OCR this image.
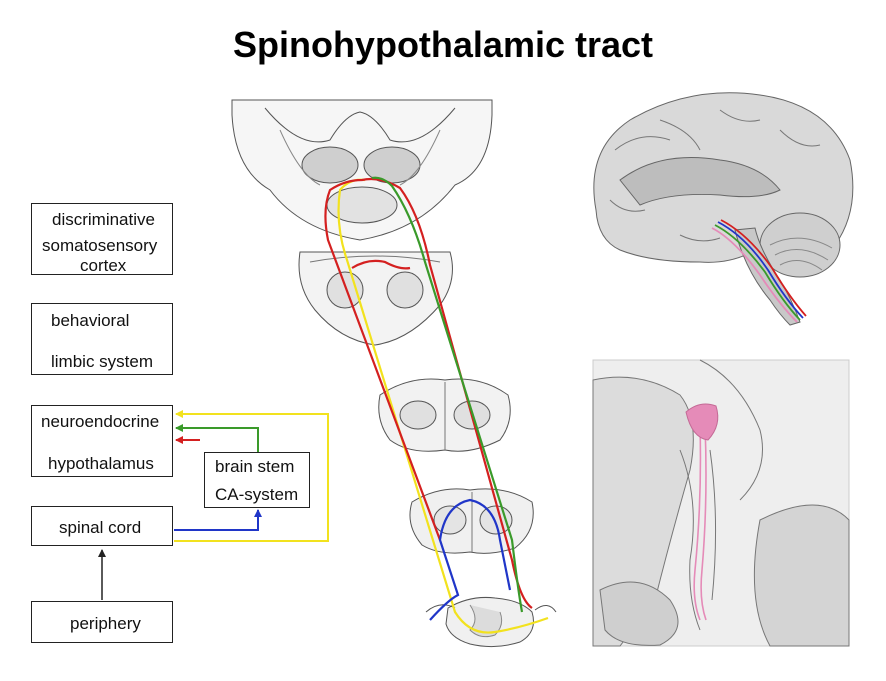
Spinohypothalamic tract
discriminative
somatosensory
cortex
behavioral
limbic system
neuroendocrine
hypothalamus	brain stem
CA-system
spinal cord
periphery
